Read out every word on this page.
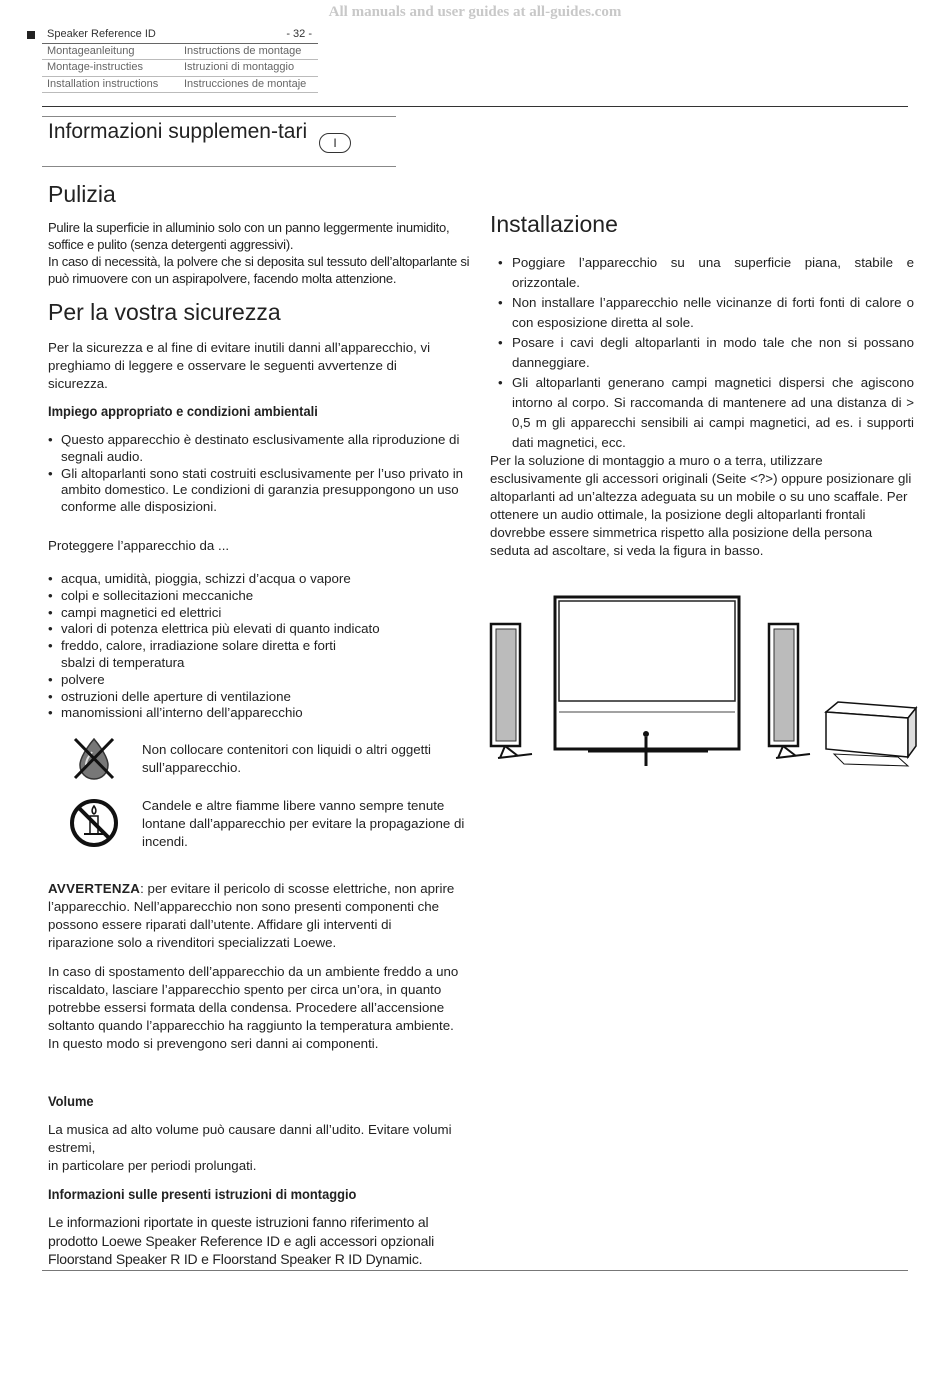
All manuals and user guides at all-guides.com
Speaker Reference ID	- 32 -
Montageanleitung	Instructions de montage
Montage-instructies	Istruzioni di montaggio
Installation instructions	Instrucciones de montaje
Informazioni supplemen-tari	I
Pulizia
Pulire la superficie in alluminio solo con un panno leggermente inumidito, soffice e pulito (senza detergenti aggressivi).
In caso di necessità, la polvere che si deposita sul tessuto dell’altoparlante si può rimuovere con un aspirapolvere, facendo molta attenzione.
Per la vostra sicurezza

Per la sicurezza e al fine di evitare inutili danni all’apparecchio, vi preghiamo di leggere e osservare le seguenti avvertenze di sicurezza.

Impiego appropriato e condizioni ambientali
• Questo apparecchio è destinato esclusivamente alla riproduzione di segnali audio.
• Gli altoparlanti sono stati costruiti esclusivamente per l’uso privato in ambito domestico. Le condizioni di garanzia presuppongono un uso conforme alle disposizioni.

Proteggere l’apparecchio da ...

• acqua, umidità, pioggia, schizzi d’acqua o vapore
• colpi e sollecitazioni meccaniche
• campi magnetici ed elettrici
• valori di potenza elettrica più elevati di quanto indicato
• freddo, calore, irradiazione solare diretta e forti sbalzi di temperatura
• polvere
• ostruzioni delle aperture di ventilazione
• manomissioni all’interno dell’apparecchio

Non collocare contenitori con liquidi o altri oggetti sull’apparecchio.

Candele e altre fiamme libere vanno sempre tenute lontane dall’apparecchio per evitare la propagazione di incendi.

AVVERTENZA: per evitare il pericolo di scosse elettriche, non aprire l’apparecchio. Nell’apparecchio non sono presenti componenti che possono essere riparati dall’utente. Affidare gli interventi di riparazione solo a rivenditori specializzati Loewe.

In caso di spostamento dell’apparecchio da un ambiente freddo a uno riscaldato, lasciare l’apparecchio spento per circa un’ora, in quanto potrebbe essersi formata della condensa. Procedere all’accensione soltanto quando l’apparecchio ha raggiunto la temperatura ambiente. In questo modo si prevengono seri danni ai componenti.

Volume
La musica ad alto volume può causare danni all’udito. Evitare volumi estremi,
in particolare per periodi prolungati.
Informazioni sulle presenti istruzioni di montaggio

Le informazioni riportate in queste istruzioni fanno riferimento al prodotto Loewe Speaker Reference ID e agli accessori opzionali Floorstand Speaker R ID e Floorstand Speaker R ID Dynamic.

Installazione
• Poggiare l’apparecchio su una superficie piana, stabile e orizzontale.
• Non installare l’apparecchio nelle vicinanze di forti fonti di calore o con esposizione diretta al sole.
• Posare i cavi degli altoparlanti in modo tale che non si possano danneggiare.
• Gli altoparlanti generano campi magnetici dispersi che agiscono intorno al corpo. Si raccomanda di mantenere ad una distanza di > 0,5 m gli apparecchi sensibili ai campi magnetici, ad es. i supporti dati magnetici, ecc.

Per la soluzione di montaggio a muro o a terra, utilizzare esclusivamente gli accessori originali (Seite <?>) oppure posizionare gli altoparlanti ad un’altezza adeguata su un mobile o su uno scaffale. Per ottenere un audio ottimale, la posizione degli altoparlanti frontali dovrebbe essere simmetrica rispetto alla posizione della persona seduta ad ascoltare, si veda la figura in basso.
